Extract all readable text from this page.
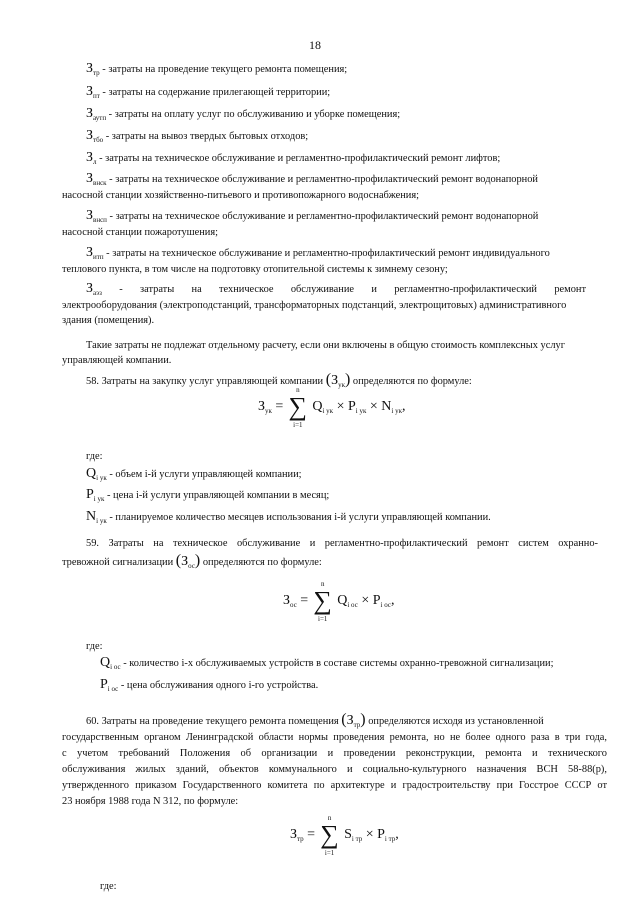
18
$З_{тр}$ - затраты на проведение текущего ремонта помещения;
$З_{пт}$ - затраты на содержание прилегающей территории;
$З_{аутп}$ - затраты на оплату услуг по обслуживанию и уборке помещения;
$З_{тбо}$ - затраты на вывоз твердых бытовых отходов;
$З_л$ - затраты на техническое обслуживание и регламентно-профилактический ремонт лифтов;
$З_{внск}$ - затраты на техническое обслуживание и регламентно-профилактический ремонт водонапорной
насосной станции хозяйственно-питьевого и противопожарного водоснабжения;
$З_{внсп}$ - затраты на техническое обслуживание и регламентно-профилактический ремонт водонапорной
насосной станции пожаротушения;
$З_{итп}$ - затраты на техническое обслуживание и регламентно-профилактический ремонт индивидуального
теплового пункта, в том числе на подготовку отопительной системы к зимнему сезону;
$З_{аэз}$ - затраты на техническое обслуживание и регламентно-профилактический ремонт
электрооборудования (электроподстанций, трансформаторных подстанций, электрощитовых) административного
здания (помещения).
Такие затраты не подлежат отдельному расчету, если они включены в общую стоимость комплексных услуг
управляющей компании.
58. Затраты на закупку услуг управляющей компании $(З_{ук})$ определяются по формуле:
$З_{ук}$ =
n
∑
i=1
$Q_{i ук} \times P_{i ук} \times N_{i ук}$,
где:
$Q_{i ук}$ - объем i-й услуги управляющей компании;
$P_{i ук}$ - цена i-й услуги управляющей компании в месяц;
$N_{i ук}$ - планируемое количество месяцев использования i-й услуги управляющей компании.
59. Затраты на техническое обслуживание и регламентно-профилактический ремонт систем охранно-
тревожной сигнализации $(З_{ос})$ определяются по формуле:
$З_{ос}$ =
n
∑
i=1
$Q_{i ос} \times P_{i ос}$,
где:
$Q_{i ос}$ - количество i-х обслуживаемых устройств в составе системы охранно-тревожной сигнализации;
$P_{i ос}$ - цена обслуживания одного i-го устройства.
60. Затраты на проведение текущего ремонта помещения $(З_{тр})$ определяются исходя из установленной
государственным органом Ленинградской области нормы проведения ремонта, но не более одного раза в три года,
с учетом требований Положения об организации и проведении реконструкции, ремонта и технического
обслуживания жилых зданий, объектов коммунального и социально-культурного назначения ВСН 58-88(р),
утвержденного приказом Государственного комитета по архитектуре и градостроительству при Госстрое СССР от
23 ноября 1988 года N 312, по формуле:
$З_{тр}$ =
n
∑
i=1
$S_{i тр} \times P_{i тр}$,
где:
